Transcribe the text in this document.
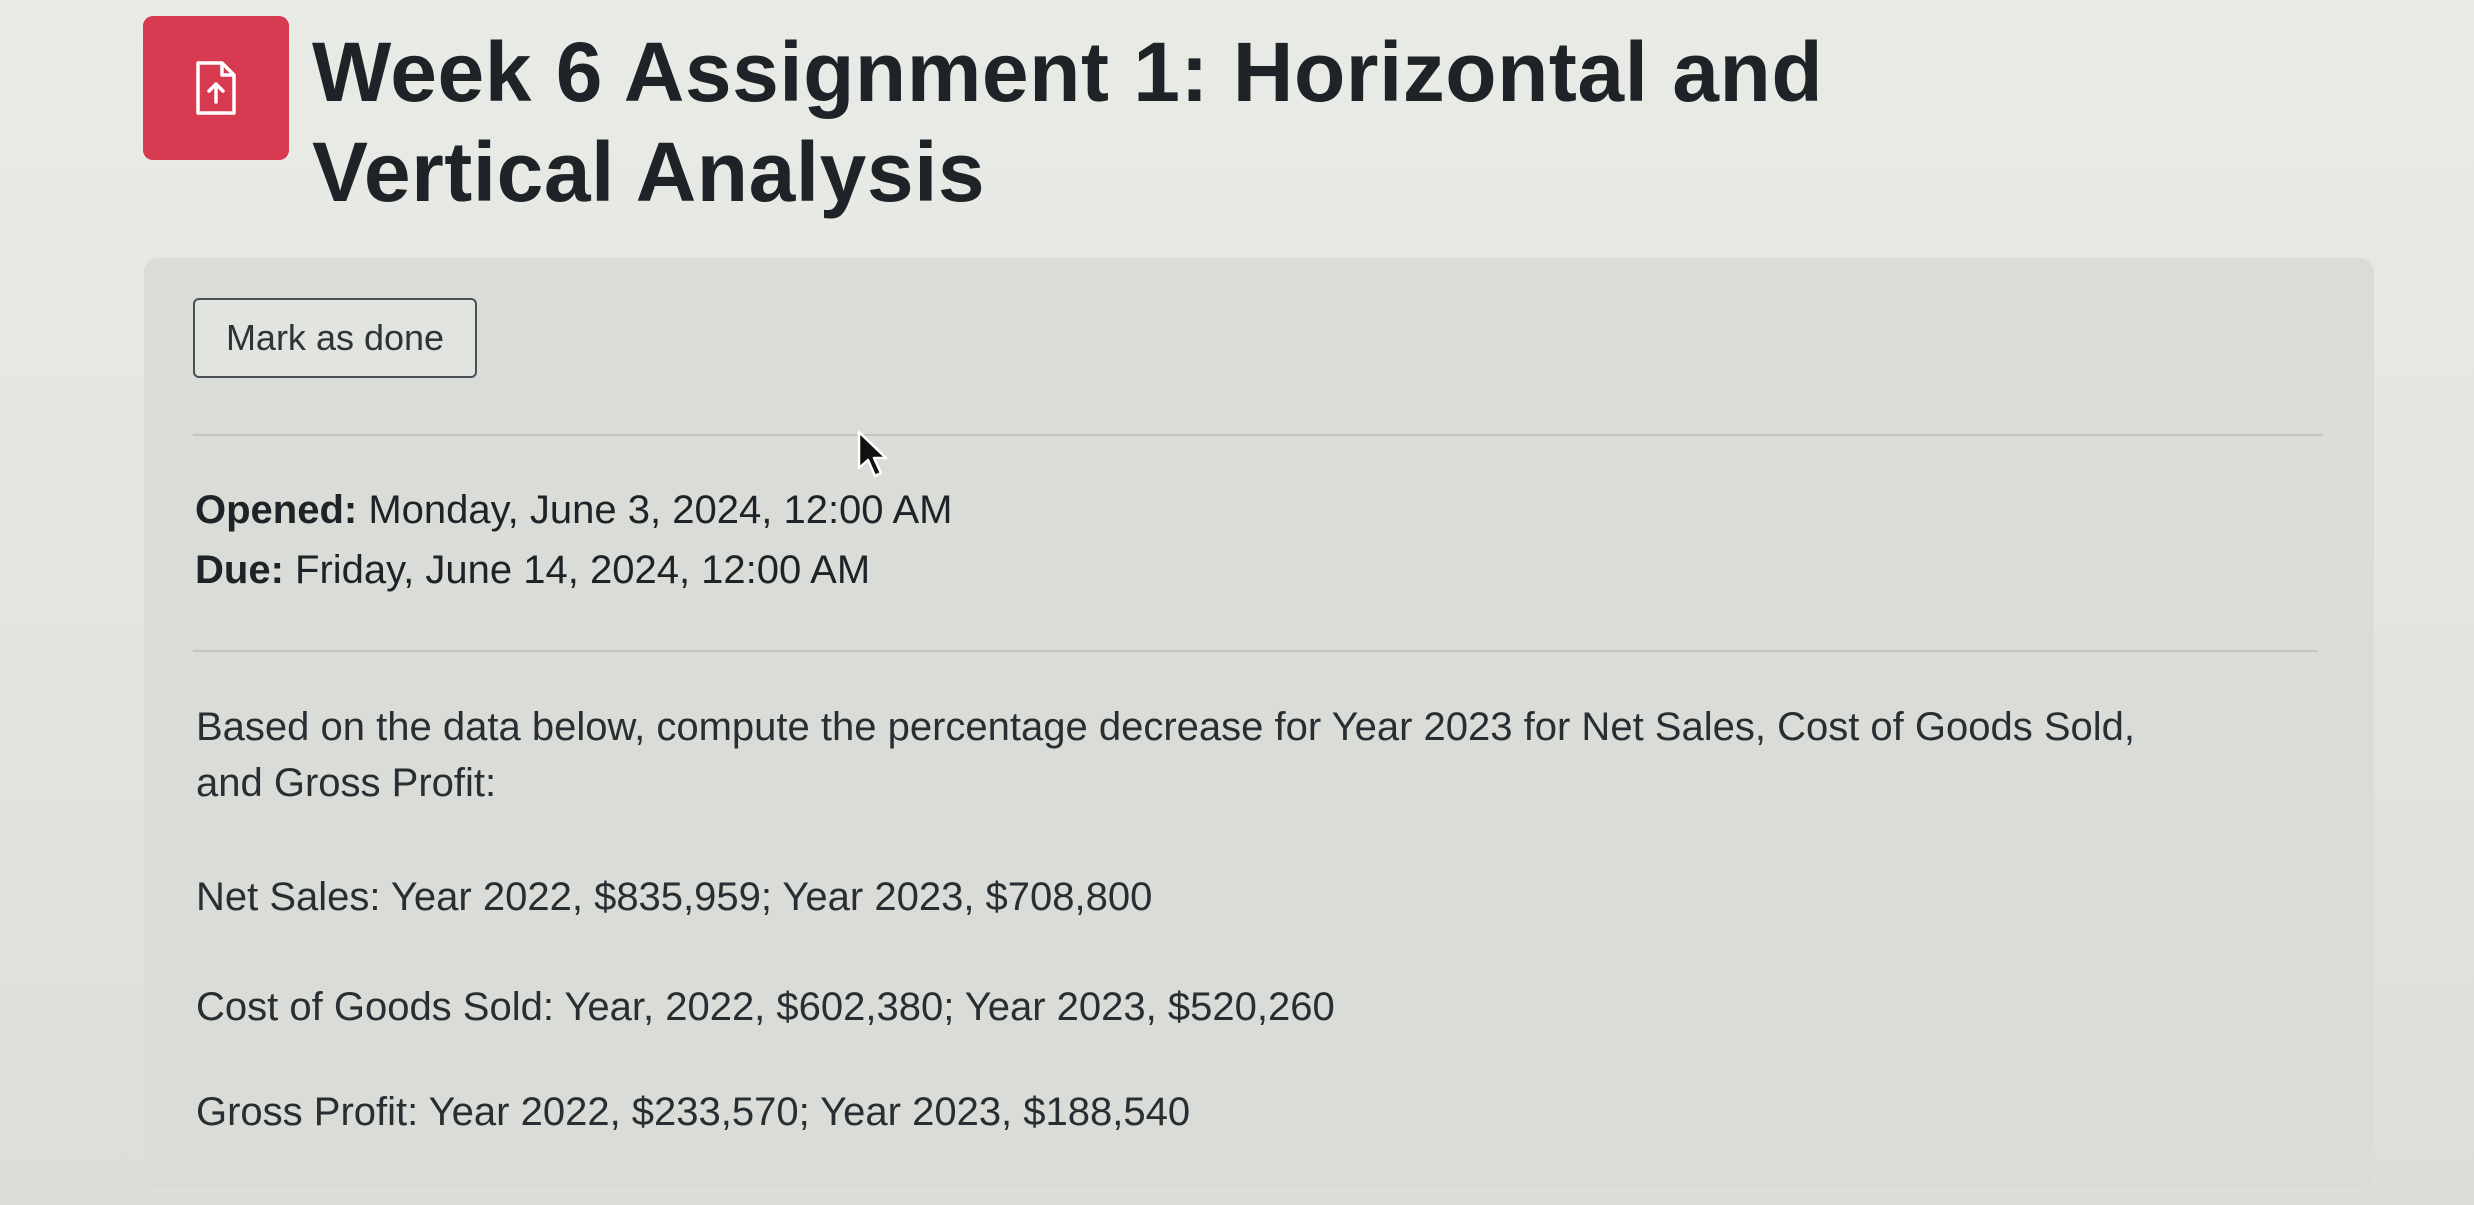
Week 6 Assignment 1: Horizontal and Vertical Analysis
Mark as done
Opened: Monday, June 3, 2024, 12:00 AM
Due: Friday, June 14, 2024, 12:00 AM

Based on the data below, compute the percentage decrease for Year 2023 for Net Sales, Cost of Goods Sold,

and Gross Profit:

Net Sales: Year 2022, $835,959; Year 2023, $708,800

Cost of Goods Sold: Year, 2022, $602,380; Year 2023, $520,260

Gross Profit: Year 2022, $233,570; Year 2023, $188,540
